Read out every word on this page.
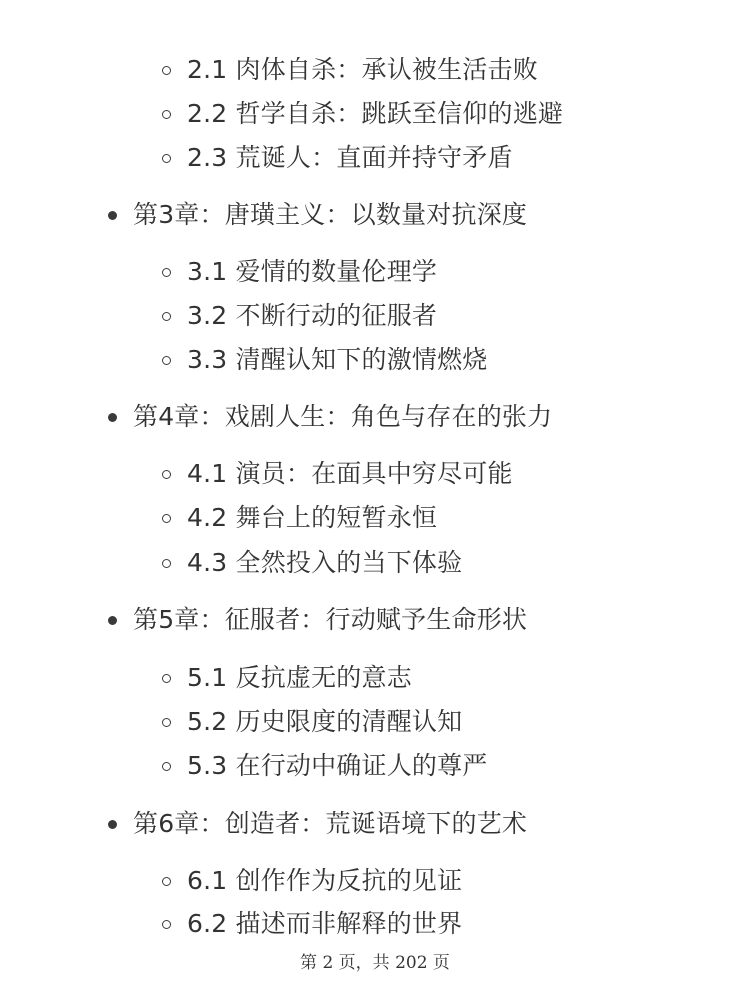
2.1 肉体自杀：承认被生活击败
2.2 哲学自杀：跳跃至信仰的逃避
2.3 荒诞人：直面并持守矛盾
第3章：唐璜主义：以数量对抗深度
3.1 爱情的数量伦理学
3.2 不断行动的征服者
3.3 清醒认知下的激情燃烧
第4章：戏剧人生：角色与存在的张力
4.1 演员：在面具中穷尽可能
4.2 舞台上的短暂永恒
4.3 全然投入的当下体验
第5章：征服者：行动赋予生命形状
5.1 反抗虚无的意志
5.2 历史限度的清醒认知
5.3 在行动中确证人的尊严
第6章：创造者：荒诞语境下的艺术
6.1 创作作为反抗的见证
6.2 描述而非解释的世界
第 2 页，共 202 页
